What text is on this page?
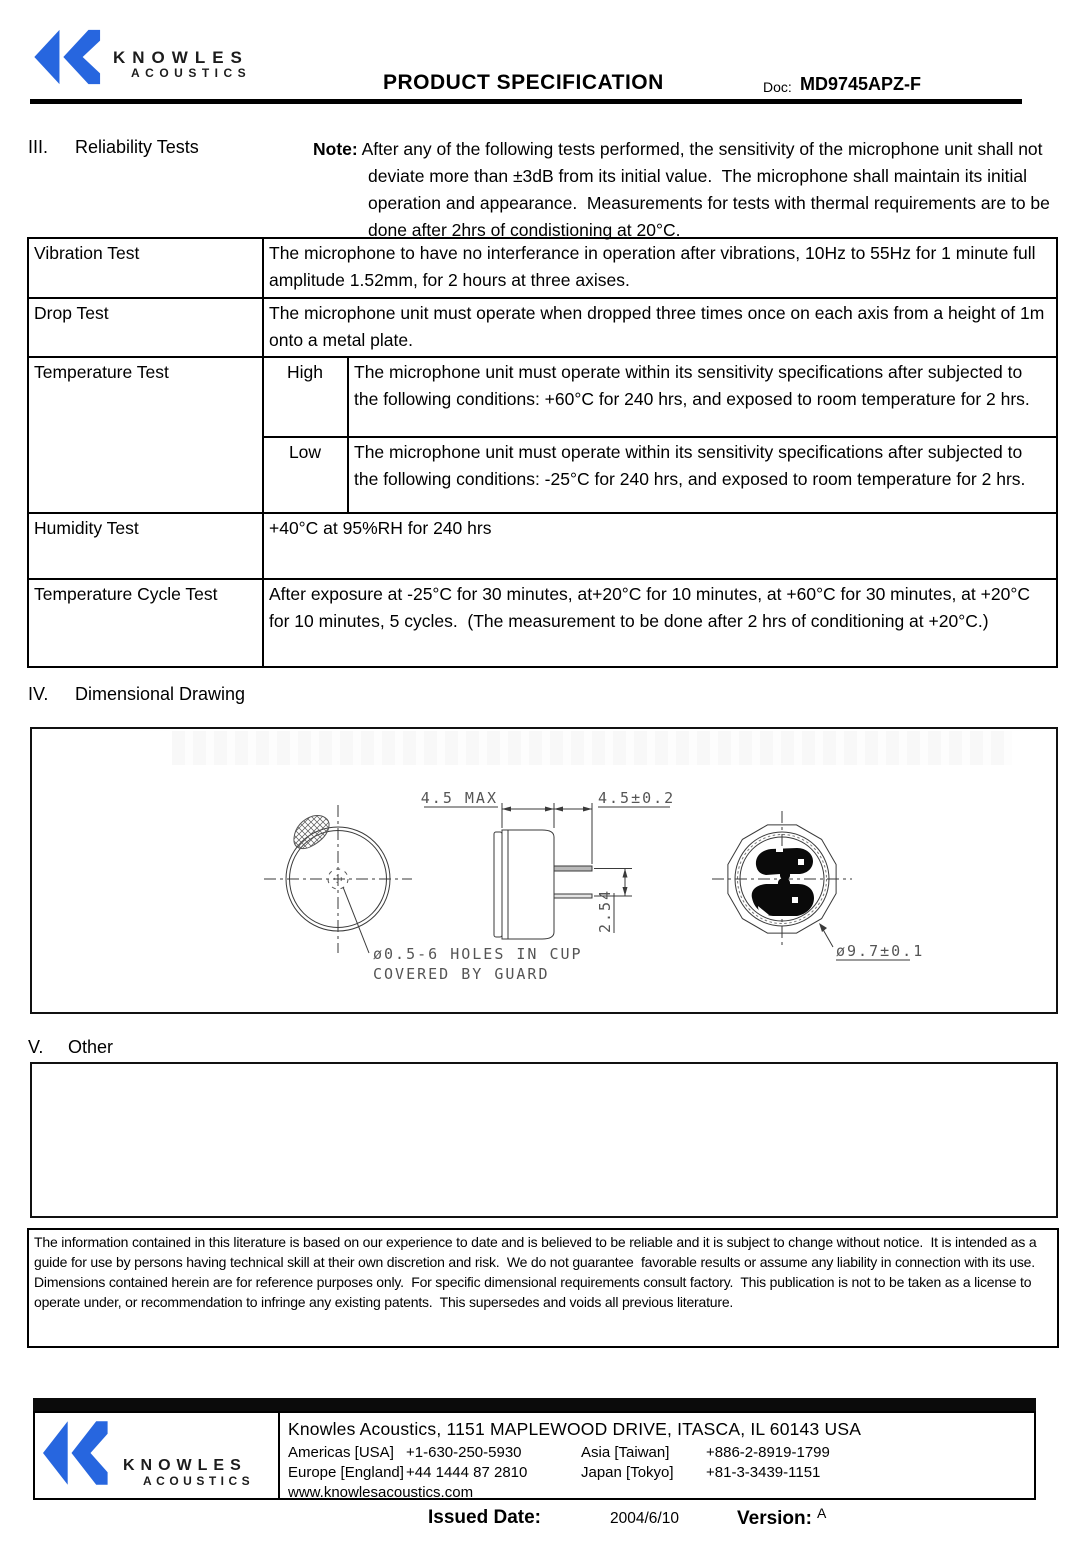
KNOWLES
ACOUSTICS	PRODUCT SPECIFICATION	Doc: MD9745APZ-F
III.	Reliability Tests	Note: After any of the following tests performed, the sensitivity of the microphone unit shall not deviate more than ±3dB from its initial value.  The microphone shall maintain its initial operation and appearance.  Measurements for tests with thermal requirements are to be done after 2hrs of condistioning at 20°C.
Vibration Test	The microphone to have no interferance in operation after vibrations, 10Hz to 55Hz for 1 minute full amplitude 1.52mm, for 2 hours at three axises.
Drop Test	The microphone unit must operate when dropped three times once on each axis from a height of 1m onto a metal plate.
Temperature Test	High	The microphone unit must operate within its sensitivity specifications after subjected to the following conditions: +60°C for 240 hrs, and exposed to room temperature for 2 hrs.
Low	The microphone unit must operate within its sensitivity specifications after subjected to the following conditions: -25°C for 240 hrs, and exposed to room temperature for 2 hrs.
Humidity Test	+40°C at 95%RH for 240 hrs
Temperature Cycle Test	After exposure at -25°C for 30 minutes, at+20°C for 10 minutes, at +60°C for 30 minutes, at +20°C for 10 minutes, 5 cycles.  (The measurement to be done after 2 hrs of conditioning at +20°C.)
IV.	Dimensional Drawing
ø0.5-6 HOLES IN CUP
COVERED BY GUARD
4.5 MAX	4.5±0.2
2.54
ø9.7±0.1
V.	Other
The information contained in this literature is based on our experience to date and is believed to be reliable and it is subject to change without notice.  It is intended as a guide for use by persons having technical skill at their own discretion and risk.  We do not guarantee  favorable results or assume any liability in connection with its use.  Dimensions contained herein are for reference purposes only.  For specific dimensional requirements consult factory.  This publication is not to be taken as a license to operate under, or recommendation to infringe any existing patents.  This supersedes and voids all previous literature.
KNOWLES
ACOUSTICS
Knowles Acoustics, 1151 MAPLEWOOD DRIVE, ITASCA, IL 60143 USA
Americas [USA] +1-630-250-5930	Asia [Taiwan]	+886-2-8919-1799
Europe [England] +44 1444 87 2810	Japan [Tokyo]	+81-3-3439-1151
www.knowlesacoustics.com
Issued Date:	2004/6/10	Version: A
